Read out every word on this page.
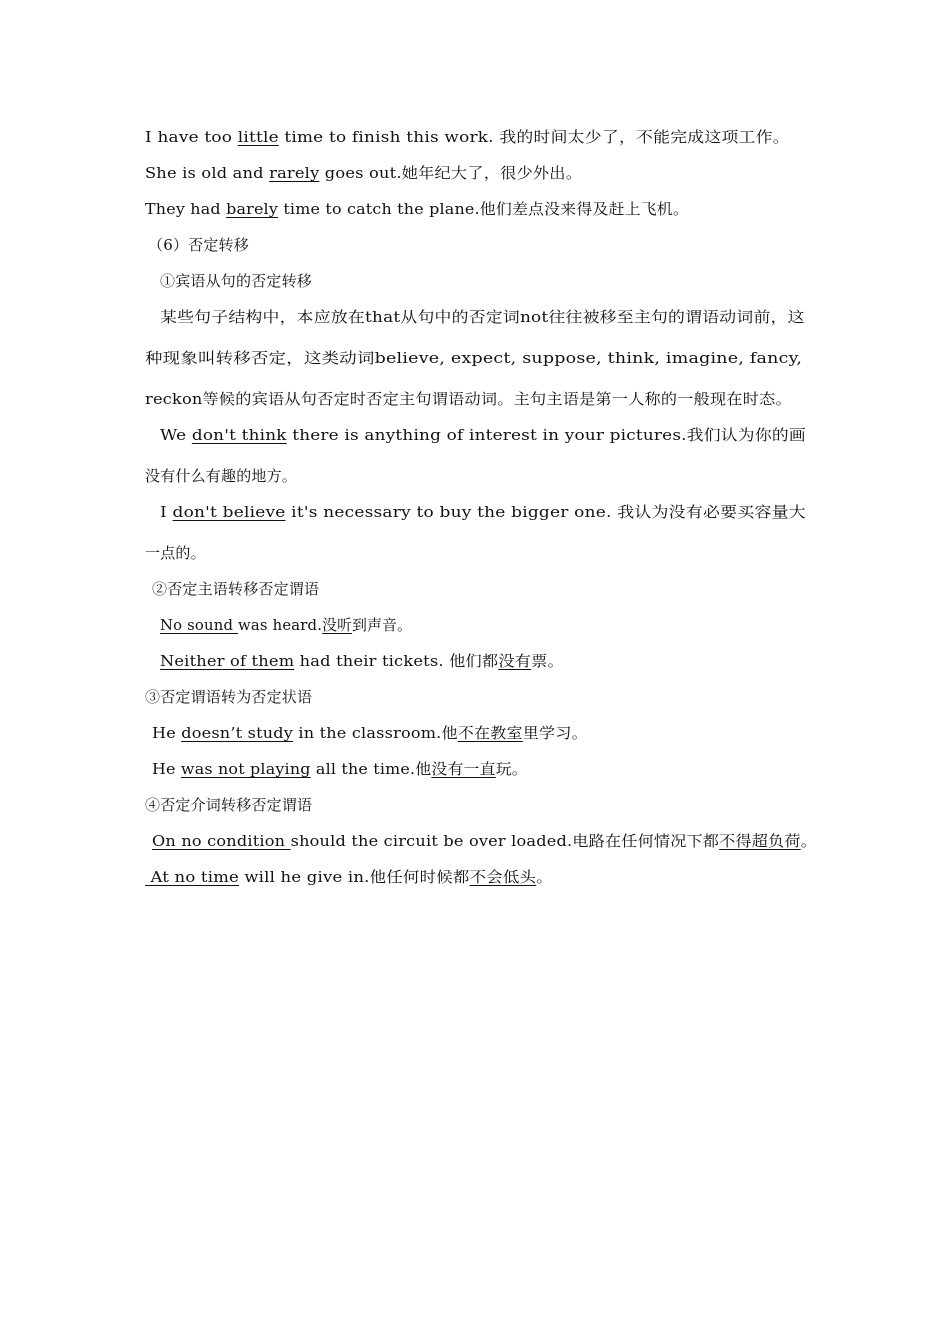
I have too little time to finish this work. 我的时间太少了，不能完成这项工作。
She is old and rarely goes out.她年纪大了，很少外出。
They had barely time to catch the plane.他们差点没来得及赶上飞机。
（6）否定转移
①宾语从句的否定转移
某些句子结构中，本应放在that从句中的否定词not往往被移至主句的谓语动词前，这
种现象叫转移否定，这类动词believe, expect, suppose, think, imagine, fancy,
reckon等候的宾语从句否定时否定主句谓语动词。主句主语是第一人称的一般现在时态。
We don't think there is anything of interest in your pictures.我们认为你的画
没有什么有趣的地方。
I don't believe it's necessary to buy the bigger one. 我认为没有必要买容量大
一点的。
②否定主语转移否定谓语
No sound was heard.没听到声音。
Neither of them had their tickets. 他们都没有票。
③否定谓语转为否定状语
He doesn’t study in the classroom.他不在教室里学习。
He was not playing all the time.他没有一直玩。
④否定介词转移否定谓语
On no condition should the circuit be over loaded.电路在任何情况下都不得超负荷。
At no time will he give in.他任何时候都不会低头。
